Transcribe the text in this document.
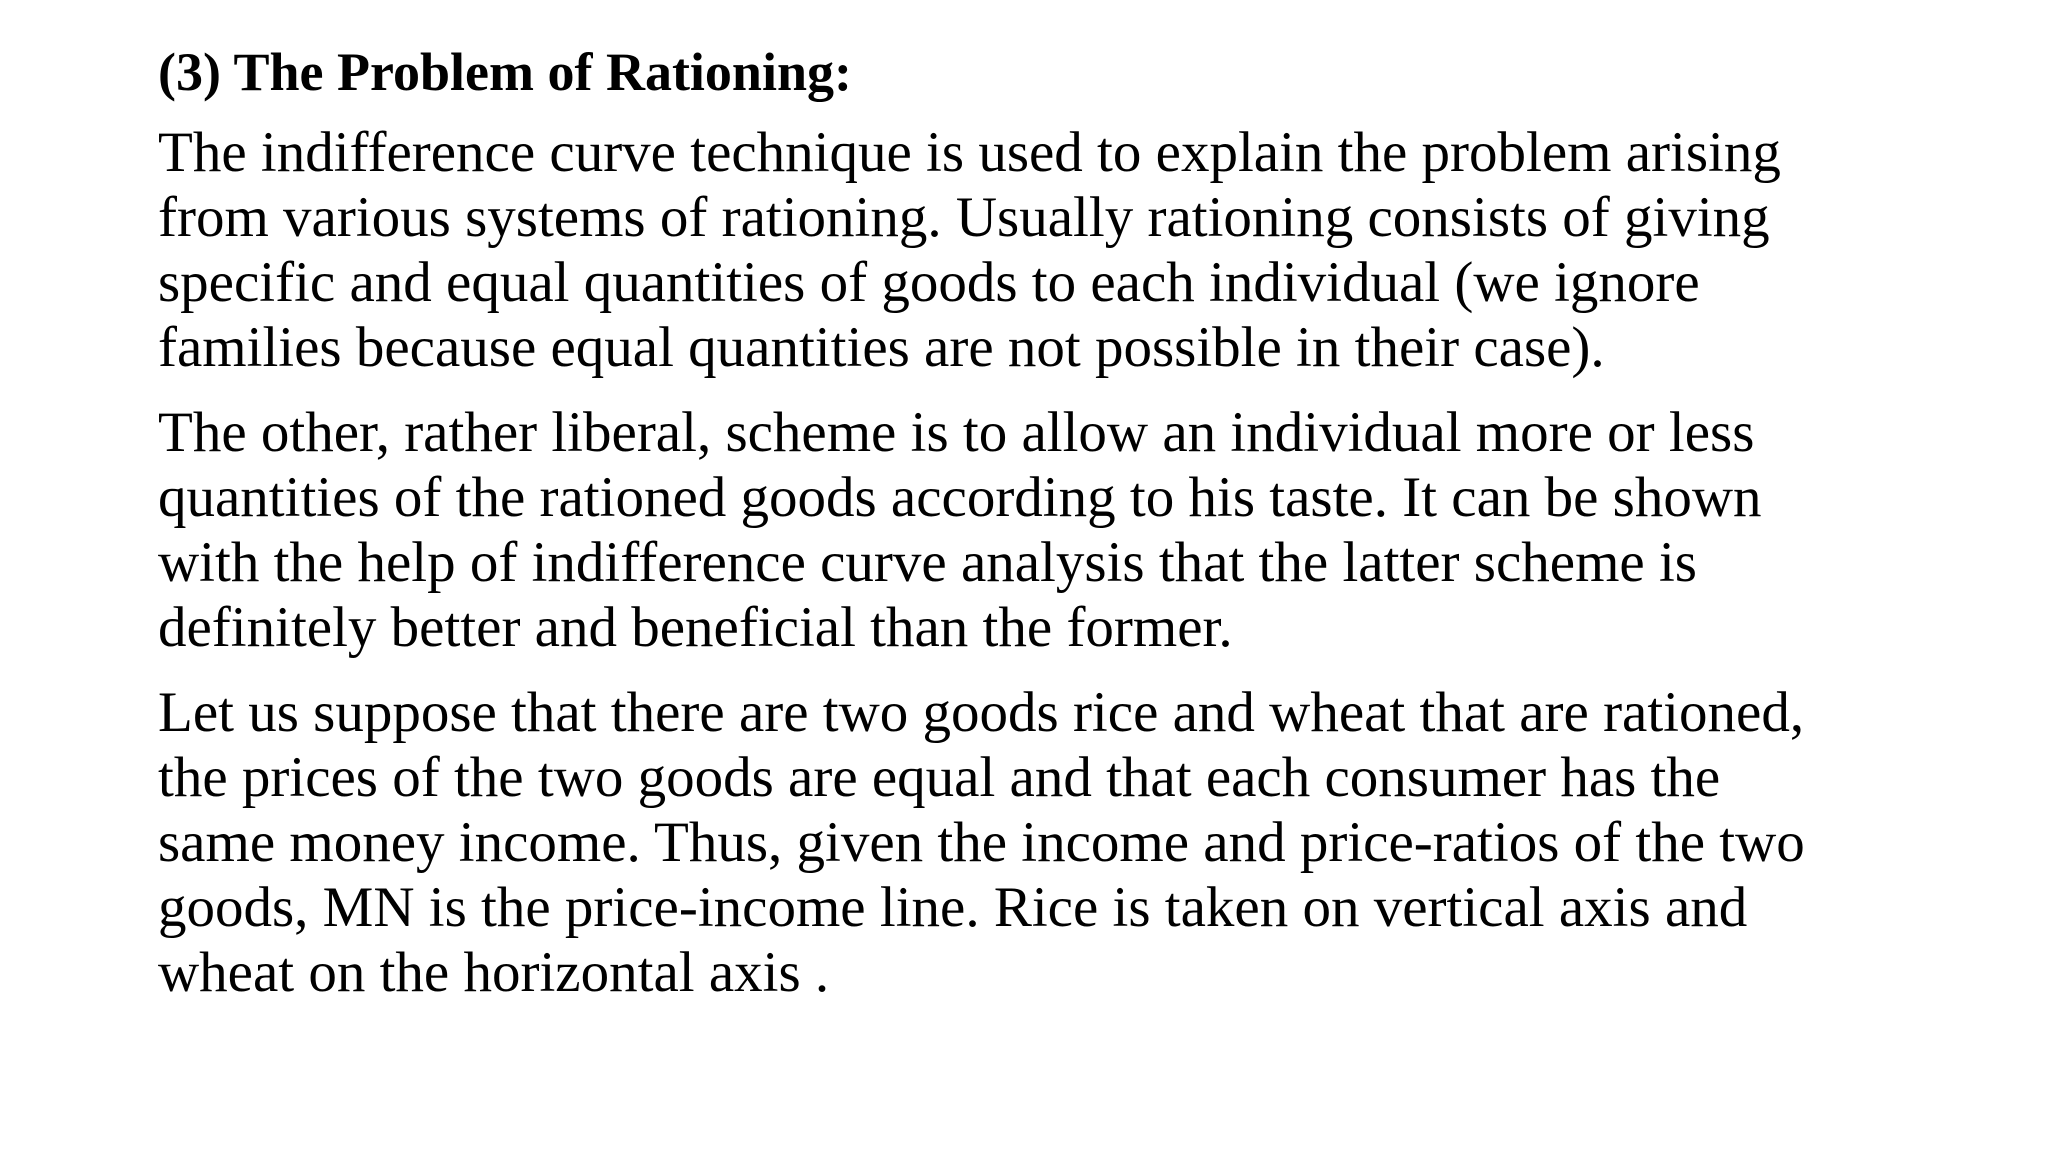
(3) The Problem of Rationing:
The indifference curve technique is used to explain the problem arising
from various systems of rationing. Usually rationing consists of giving
specific and equal quantities of goods to each individual (we ignore
families because equal quantities are not possible in their case).
The other, rather liberal, scheme is to allow an individual more or less
quantities of the rationed goods according to his taste. It can be shown
with the help of indifference curve analysis that the latter scheme is
definitely better and beneficial than the former.
Let us suppose that there are two goods rice and wheat that are rationed,
the prices of the two goods are equal and that each consumer has the
same money income. Thus, given the income and price-ratios of the two
goods, MN is the price-income line. Rice is taken on vertical axis and
wheat on the horizontal axis .
